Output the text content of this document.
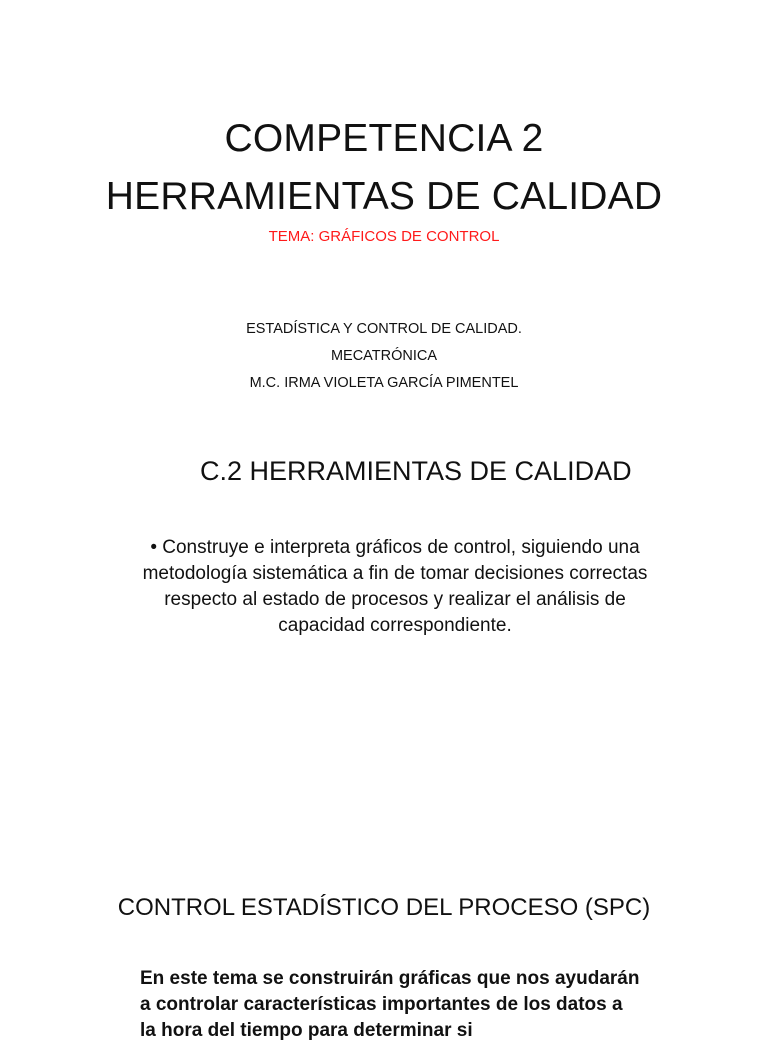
COMPETENCIA 2
HERRAMIENTAS DE CALIDAD
TEMA: GRÁFICOS DE CONTROL
ESTADÍSTICA Y CONTROL DE CALIDAD.
MECATRÓNICA
M.C. IRMA VIOLETA GARCÍA PIMENTEL
C.2 HERRAMIENTAS DE CALIDAD
• Construye e interpreta gráficos de control, siguiendo una metodología sistemática a fin de tomar decisiones correctas respecto al estado de procesos y realizar el análisis de capacidad correspondiente.
CONTROL ESTADÍSTICO DEL PROCESO (SPC)
En este tema se construirán gráficas que nos ayudarán a controlar características importantes de los datos a la hora del tiempo para determinar si
